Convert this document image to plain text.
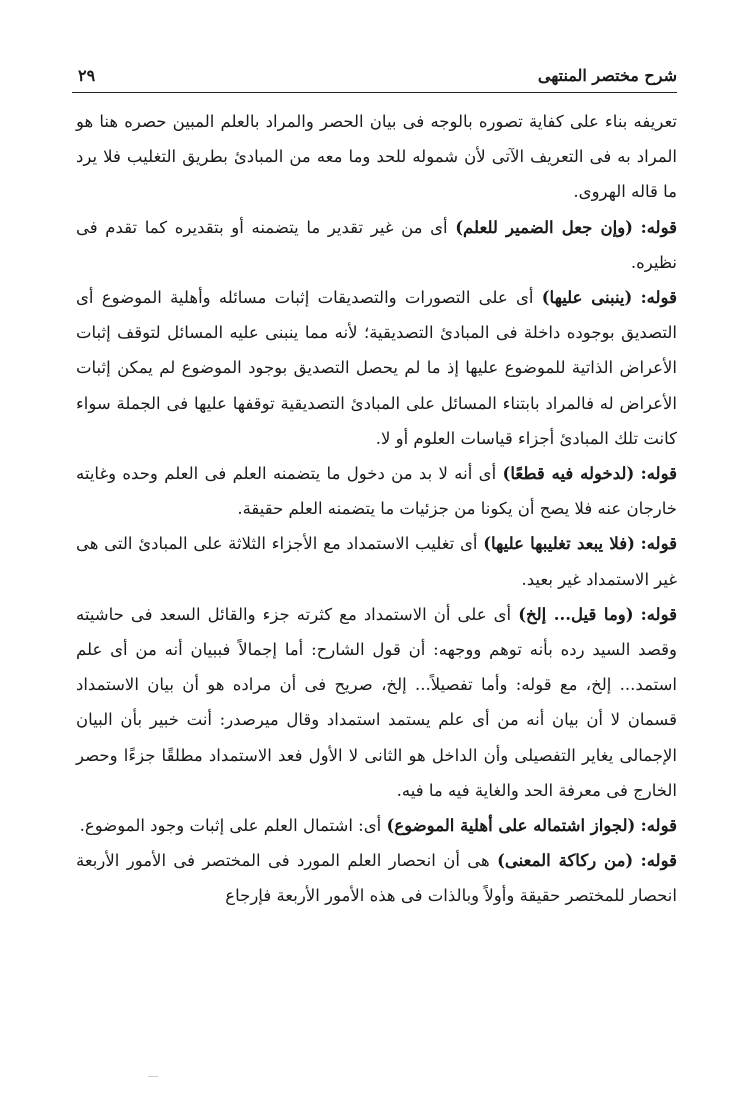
شرح مختصر المنتهى
٢٩

تعريفه بناء على كفاية تصوره بالوجه فى بيان الحصر والمراد بالعلم المبين حصره هنا هو المراد به فى التعريف الآتى لأن شموله للحد وما معه من المبادئ بطريق التغليب فلا يرد ما قاله الهروى.

قوله: (وإن جعل الضمير للعلم) أى من غير تقدير ما يتضمنه أو بتقديره كما تقدم فى نظيره.

قوله: (ينبنى عليها) أى على التصورات والتصديقات إثبات مسائله وأهلية الموضوع أى التصديق بوجوده داخلة فى المبادئ التصديقية؛ لأنه مما ينبنى عليه المسائل لتوقف إثبات الأعراض الذاتية للموضوع عليها إذ ما لم يحصل التصديق بوجود الموضوع لم يمكن إثبات الأعراض له فالمراد بابتناء المسائل على المبادئ التصديقية توقفها عليها فى الجملة سواء كانت تلك المبادئ أجزاء قياسات العلوم أو لا.

قوله: (لدخوله فيه قطعًا) أى أنه لا بد من دخول ما يتضمنه العلم فى العلم وحده وغايته خارجان عنه فلا يصح أن يكونا من جزئيات ما يتضمنه العلم حقيقة.

قوله: (فلا يبعد تغليبها عليها) أى تغليب الاستمداد مع الأجزاء الثلاثة على المبادئ التى هى غير الاستمداد غير بعيد.

قوله: (وما قيل... إلخ) أى على أن الاستمداد مع كثرته جزء والقائل السعد فى حاشيته وقصد السيد رده بأنه توهم ووجهه: أن قول الشارح: أما إجمالاً فببيان أنه من أى علم استمد... إلخ، مع قوله: وأما تفصيلاً... إلخ، صريح فى أن مراده هو أن بيان الاستمداد قسمان لا أن بيان أنه من أى علم يستمد استمداد وقال ميرصدر: أنت خبير بأن البيان الإجمالى يغاير التفصيلى وأن الداخل هو الثانى لا الأول فعد الاستمداد مطلقًا جزءًا وحصر الخارج فى معرفة الحد والغاية فيه ما فيه.

قوله: (لجواز اشتماله على أهلية الموضوع) أى: اشتمال العلم على إثبات وجود الموضوع.

قوله: (من ركاكة المعنى) هى أن انحصار العلم المورد فى المختصر فى الأمور الأربعة انحصار للمختصر حقيقة وأولاً وبالذات فى هذه الأمور الأربعة فإرجاع
